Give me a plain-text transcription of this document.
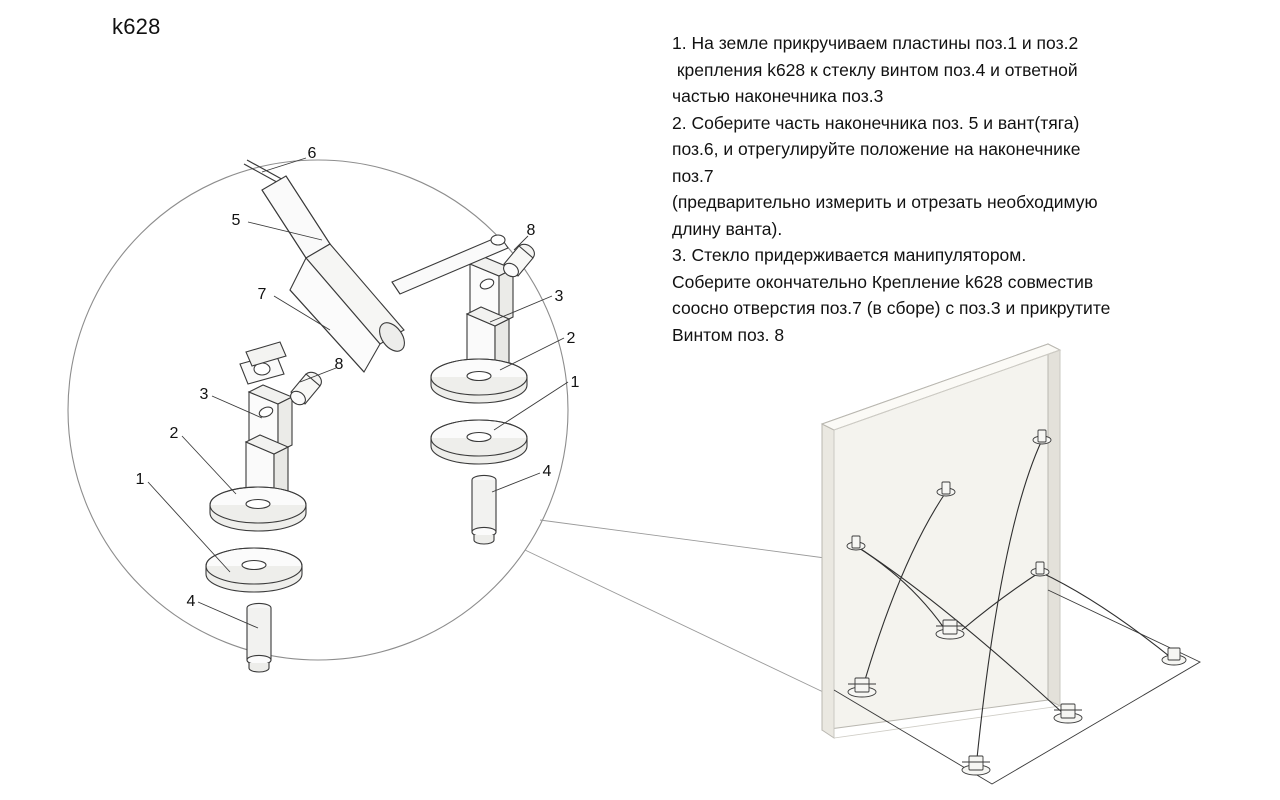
k628
1. На земле прикручиваем пластины поз.1 и поз.2
крепления k628 к стеклу винтом поз.4 и ответной
частью наконечника поз.3
2. Соберите часть наконечника поз. 5 и вант(тяга)
поз.6, и отрегулируйте положение на наконечнике
поз.7
(предварительно измерить и отрезать необходимую
длину ванта).
3. Стекло придерживается манипулятором.
Соберите окончательно Крепление k628 совместив
соосно отверстия поз.7 (в сборе) с поз.3 и прикрутите
Винтом поз. 8
6
5
8
3
7
2
8
1
3
2
4
1
4
